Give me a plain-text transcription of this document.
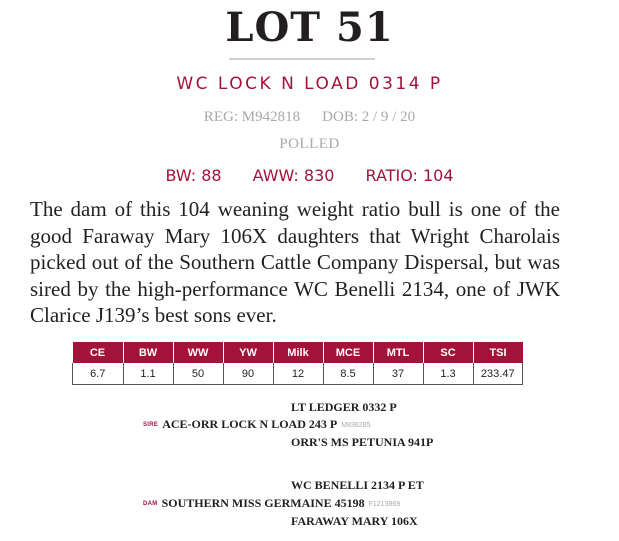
LOT 51
WC LOCK N LOAD 0314 P
REG: M942818 DOB: 2 / 9 / 20
POLLED
BW: 88 AWW: 830 RATIO: 104
The dam of this 104 weaning weight ratio bull is one of the good Faraway Mary 106X daughters that Wright Charolais picked out of the Southern Cattle Company Dispersal, but was sired by the high-performance WC Benelli 2134, one of JWK Clarice J139’s best sons ever.
CE	BW	WW	YW	Milk	MCE	MTL	SC	TSI
6.7	1.1	50	90	12	8.5	37	1.3	233.47
LT LEDGER 0332 P
SIRE ACE-ORR LOCK N LOAD 243 P M836285
ORR'S MS PETUNIA 941P
WC BENELLI 2134 P ET
DAM SOUTHERN MISS GERMAINE 45198 F1213869
FARAWAY MARY 106X
